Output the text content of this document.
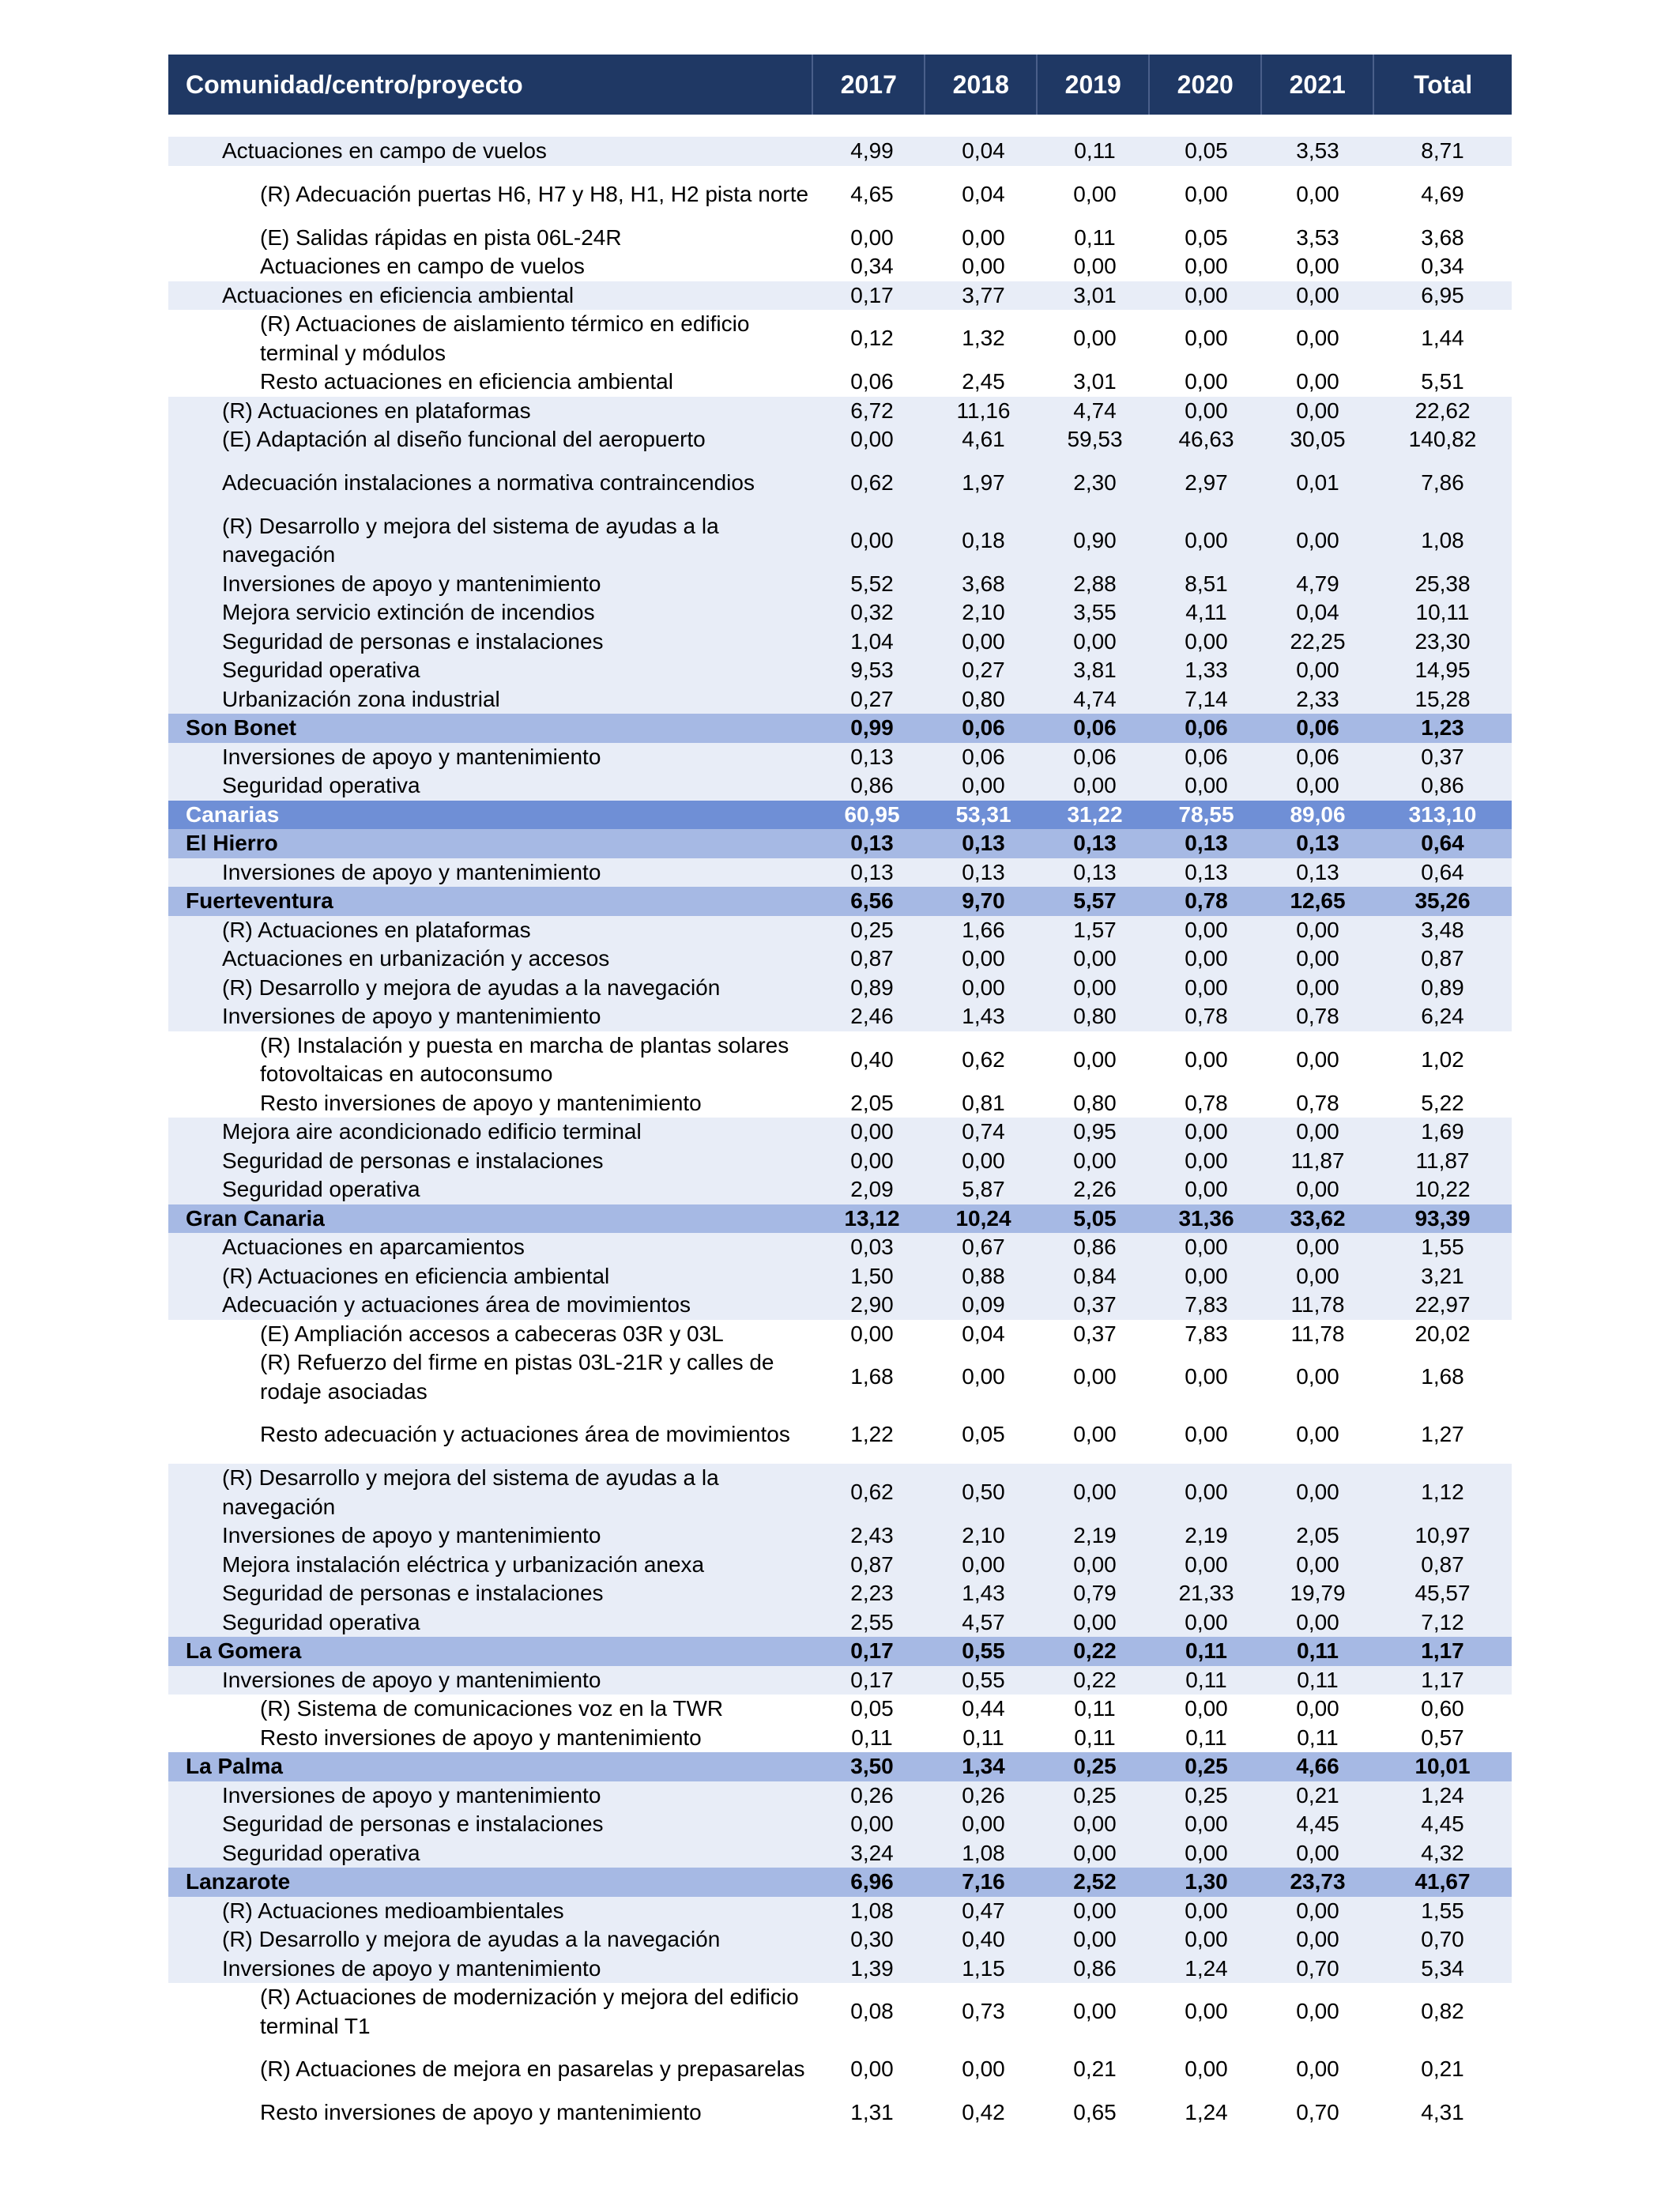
Comunidad/centro/proyecto	2017	2018	2019	2020	2021	Total
Actuaciones en campo de vuelos	4,99	0,04	0,11	0,05	3,53	8,71
(R) Adecuación puertas H6, H7 y H8, H1, H2 pista norte	4,65	0,04	0,00	0,00	0,00	4,69
(E) Salidas rápidas en pista 06L-24R	0,00	0,00	0,11	0,05	3,53	3,68
Actuaciones en campo de vuelos	0,34	0,00	0,00	0,00	0,00	0,34
Actuaciones en eficiencia ambiental	0,17	3,77	3,01	0,00	0,00	6,95
(R) Actuaciones de aislamiento térmico en edificio terminal y módulos
0,12	1,32	0,00	0,00	0,00	1,44
Resto actuaciones en eficiencia ambiental	0,06	2,45	3,01	0,00	0,00	5,51
(R) Actuaciones en plataformas	6,72	11,16	4,74	0,00	0,00	22,62
(E) Adaptación al diseño funcional del aeropuerto	0,00	4,61	59,53	46,63	30,05	140,82
Adecuación instalaciones a normativa contraincendios	0,62	1,97	2,30	2,97	0,01	7,86
(R) Desarrollo y mejora del sistema de ayudas a la navegación
0,00	0,18	0,90	0,00	0,00	1,08
Inversiones de apoyo y mantenimiento	5,52	3,68	2,88	8,51	4,79	25,38
Mejora servicio extinción de incendios	0,32	2,10	3,55	4,11	0,04	10,11
Seguridad de personas e instalaciones	1,04	0,00	0,00	0,00	22,25	23,30
Seguridad operativa	9,53	0,27	3,81	1,33	0,00	14,95
Urbanización zona industrial	0,27	0,80	4,74	7,14	2,33	15,28
Son Bonet	0,99	0,06	0,06	0,06	0,06	1,23
Inversiones de apoyo y mantenimiento	0,13	0,06	0,06	0,06	0,06	0,37
Seguridad operativa	0,86	0,00	0,00	0,00	0,00	0,86
Canarias	60,95	53,31	31,22	78,55	89,06	313,10
El Hierro	0,13	0,13	0,13	0,13	0,13	0,64
Inversiones de apoyo y mantenimiento	0,13	0,13	0,13	0,13	0,13	0,64
Fuerteventura	6,56	9,70	5,57	0,78	12,65	35,26
(R) Actuaciones en plataformas	0,25	1,66	1,57	0,00	0,00	3,48
Actuaciones en urbanización y accesos	0,87	0,00	0,00	0,00	0,00	0,87
(R) Desarrollo y mejora de ayudas a la navegación	0,89	0,00	0,00	0,00	0,00	0,89
Inversiones de apoyo y mantenimiento	2,46	1,43	0,80	0,78	0,78	6,24
(R) Instalación y puesta en marcha de plantas solares fotovoltaicas en autoconsumo
0,40	0,62	0,00	0,00	0,00	1,02
Resto inversiones de apoyo y mantenimiento	2,05	0,81	0,80	0,78	0,78	5,22
Mejora aire acondicionado edificio terminal	0,00	0,74	0,95	0,00	0,00	1,69
Seguridad de personas e instalaciones	0,00	0,00	0,00	0,00	11,87	11,87
Seguridad operativa	2,09	5,87	2,26	0,00	0,00	10,22
Gran Canaria	13,12	10,24	5,05	31,36	33,62	93,39
Actuaciones en aparcamientos	0,03	0,67	0,86	0,00	0,00	1,55
(R) Actuaciones en eficiencia ambiental	1,50	0,88	0,84	0,00	0,00	3,21
Adecuación y actuaciones área de movimientos	2,90	0,09	0,37	7,83	11,78	22,97
(E) Ampliación accesos a cabeceras 03R y 03L	0,00	0,04	0,37	7,83	11,78	20,02
(R) Refuerzo del firme en pistas 03L-21R y calles de rodaje asociadas
1,68	0,00	0,00	0,00	0,00	1,68
Resto adecuación y actuaciones área de movimientos	1,22	0,05	0,00	0,00	0,00	1,27
(R) Desarrollo y mejora del sistema de ayudas a la navegación
0,62	0,50	0,00	0,00	0,00	1,12
Inversiones de apoyo y mantenimiento	2,43	2,10	2,19	2,19	2,05	10,97
Mejora instalación eléctrica y urbanización anexa	0,87	0,00	0,00	0,00	0,00	0,87
Seguridad de personas e instalaciones	2,23	1,43	0,79	21,33	19,79	45,57
Seguridad operativa	2,55	4,57	0,00	0,00	0,00	7,12
La Gomera	0,17	0,55	0,22	0,11	0,11	1,17
Inversiones de apoyo y mantenimiento	0,17	0,55	0,22	0,11	0,11	1,17
(R) Sistema de comunicaciones voz en la TWR	0,05	0,44	0,11	0,00	0,00	0,60
Resto inversiones de apoyo y mantenimiento	0,11	0,11	0,11	0,11	0,11	0,57
La Palma	3,50	1,34	0,25	0,25	4,66	10,01
Inversiones de apoyo y mantenimiento	0,26	0,26	0,25	0,25	0,21	1,24
Seguridad de personas e instalaciones	0,00	0,00	0,00	0,00	4,45	4,45
Seguridad operativa	3,24	1,08	0,00	0,00	0,00	4,32
Lanzarote	6,96	7,16	2,52	1,30	23,73	41,67
(R) Actuaciones medioambientales	1,08	0,47	0,00	0,00	0,00	1,55
(R) Desarrollo y mejora de ayudas a la navegación	0,30	0,40	0,00	0,00	0,00	0,70
Inversiones de apoyo y mantenimiento	1,39	1,15	0,86	1,24	0,70	5,34
(R) Actuaciones de modernización y mejora del edificio terminal T1
0,08	0,73	0,00	0,00	0,00	0,82
(R) Actuaciones de mejora en pasarelas y prepasarelas	0,00	0,00	0,21	0,00	0,00	0,21
Resto inversiones de apoyo y mantenimiento	1,31	0,42	0,65	1,24	0,70	4,31
